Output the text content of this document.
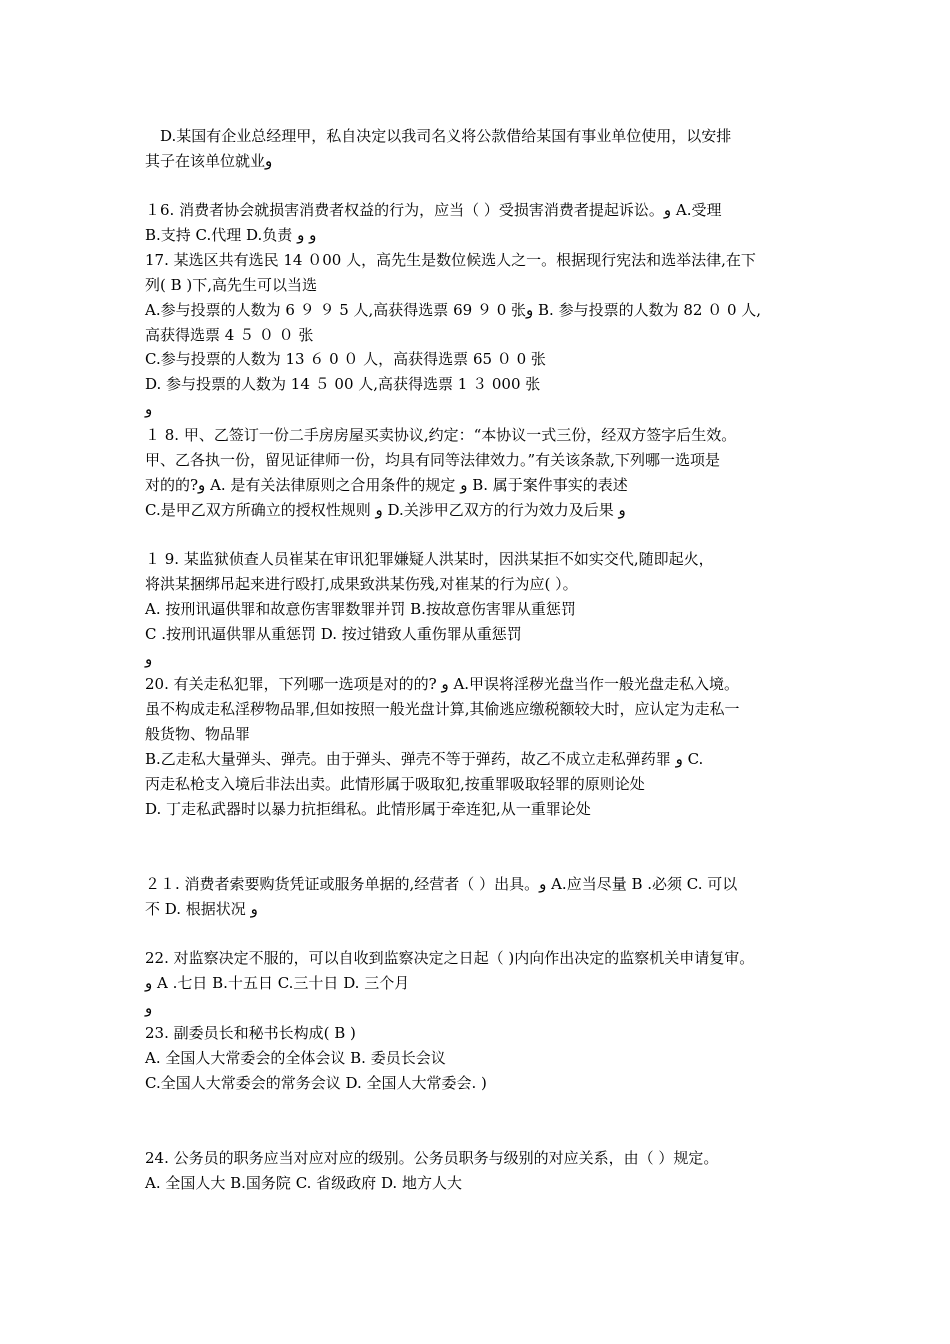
　D.某国有企业总经理甲，私自决定以我司名义将公款借给某国有事业单位使用，以安排
其子在该单位就业و
１6. 消费者协会就损害消费者权益的行为，应当（ ）受损害消费者提起诉讼。و A.受理
B.支持 C.代理 D.负责 و و
17. 某选区共有选民 14 ０00 人，高先生是数位候选人之一。根据现行宪法和选举法律,在下
列( B )下,高先生可以当选
A.参与投票的人数为 6 ９ ９ 5 人,高获得选票 69 ９ 0 张و B. 参与投票的人数为 82 ０ 0 人,
高获得选票 4 ５ ０ ０ 张
C.参与投票的人数为 13 ６ 0 ０ 人，高获得选票 65 ０ 0 张
D. 参与投票的人数为 14 ５ 00 人,高获得选票 1 ３ 000 张
و
１ 8. 甲、乙签订一份二手房房屋买卖协议,约定：“本协议一式三份，经双方签字后生效。
甲、乙各执一份，留见证律师一份，均具有同等法律效力。”有关该条款,下列哪一选项是
对的的?و A. 是有关法律原则之合用条件的规定 و B. 属于案件事实的表述
C.是甲乙双方所确立的授权性规则 و D.关涉甲乙双方的行为效力及后果 و
１ 9. 某监狱侦查人员崔某在审讯犯罪嫌疑人洪某时，因洪某拒不如实交代,随即起火，
将洪某捆绑吊起来进行殴打,成果致洪某伤残,对崔某的行为应( ）。
A. 按刑讯逼供罪和故意伤害罪数罪并罚 B.按故意伤害罪从重惩罚
C .按刑讯逼供罪从重惩罚 D. 按过错致人重伤罪从重惩罚
و
20. 有关走私犯罪，下列哪一选项是对的的? و A.甲误将淫秽光盘当作一般光盘走私入境。
虽不构成走私淫秽物品罪,但如按照一般光盘计算,其偷逃应缴税额较大时，应认定为走私一
般货物、物品罪
B.乙走私大量弹头、弹壳。由于弹头、弹壳不等于弹药，故乙不成立走私弹药罪 و C.
丙走私枪支入境后非法出卖。此情形属于吸取犯,按重罪吸取轻罪的原则论处
D. 丁走私武器时以暴力抗拒缉私。此情形属于牵连犯,从一重罪论处
２１. 消费者索要购货凭证或服务单据的,经营者（ ）出具。و A.应当尽量 B .必须 C. 可以
不 D. 根据状况 و
22. 对监察决定不服的，可以自收到监察决定之日起（ )内向作出决定的监察机关申请复审。
و A .七日 B.十五日 C.三十日 D. 三个月
و
23. 副委员长和秘书长构成( B )
A. 全国人大常委会的全体会议 B. 委员长会议
C.全国人大常委会的常务会议 D. 全国人大常委会. )
24. 公务员的职务应当对应对应的级别。公务员职务与级别的对应关系，由（ ）规定。
A. 全国人大 B.国务院 C. 省级政府 D. 地方人大
